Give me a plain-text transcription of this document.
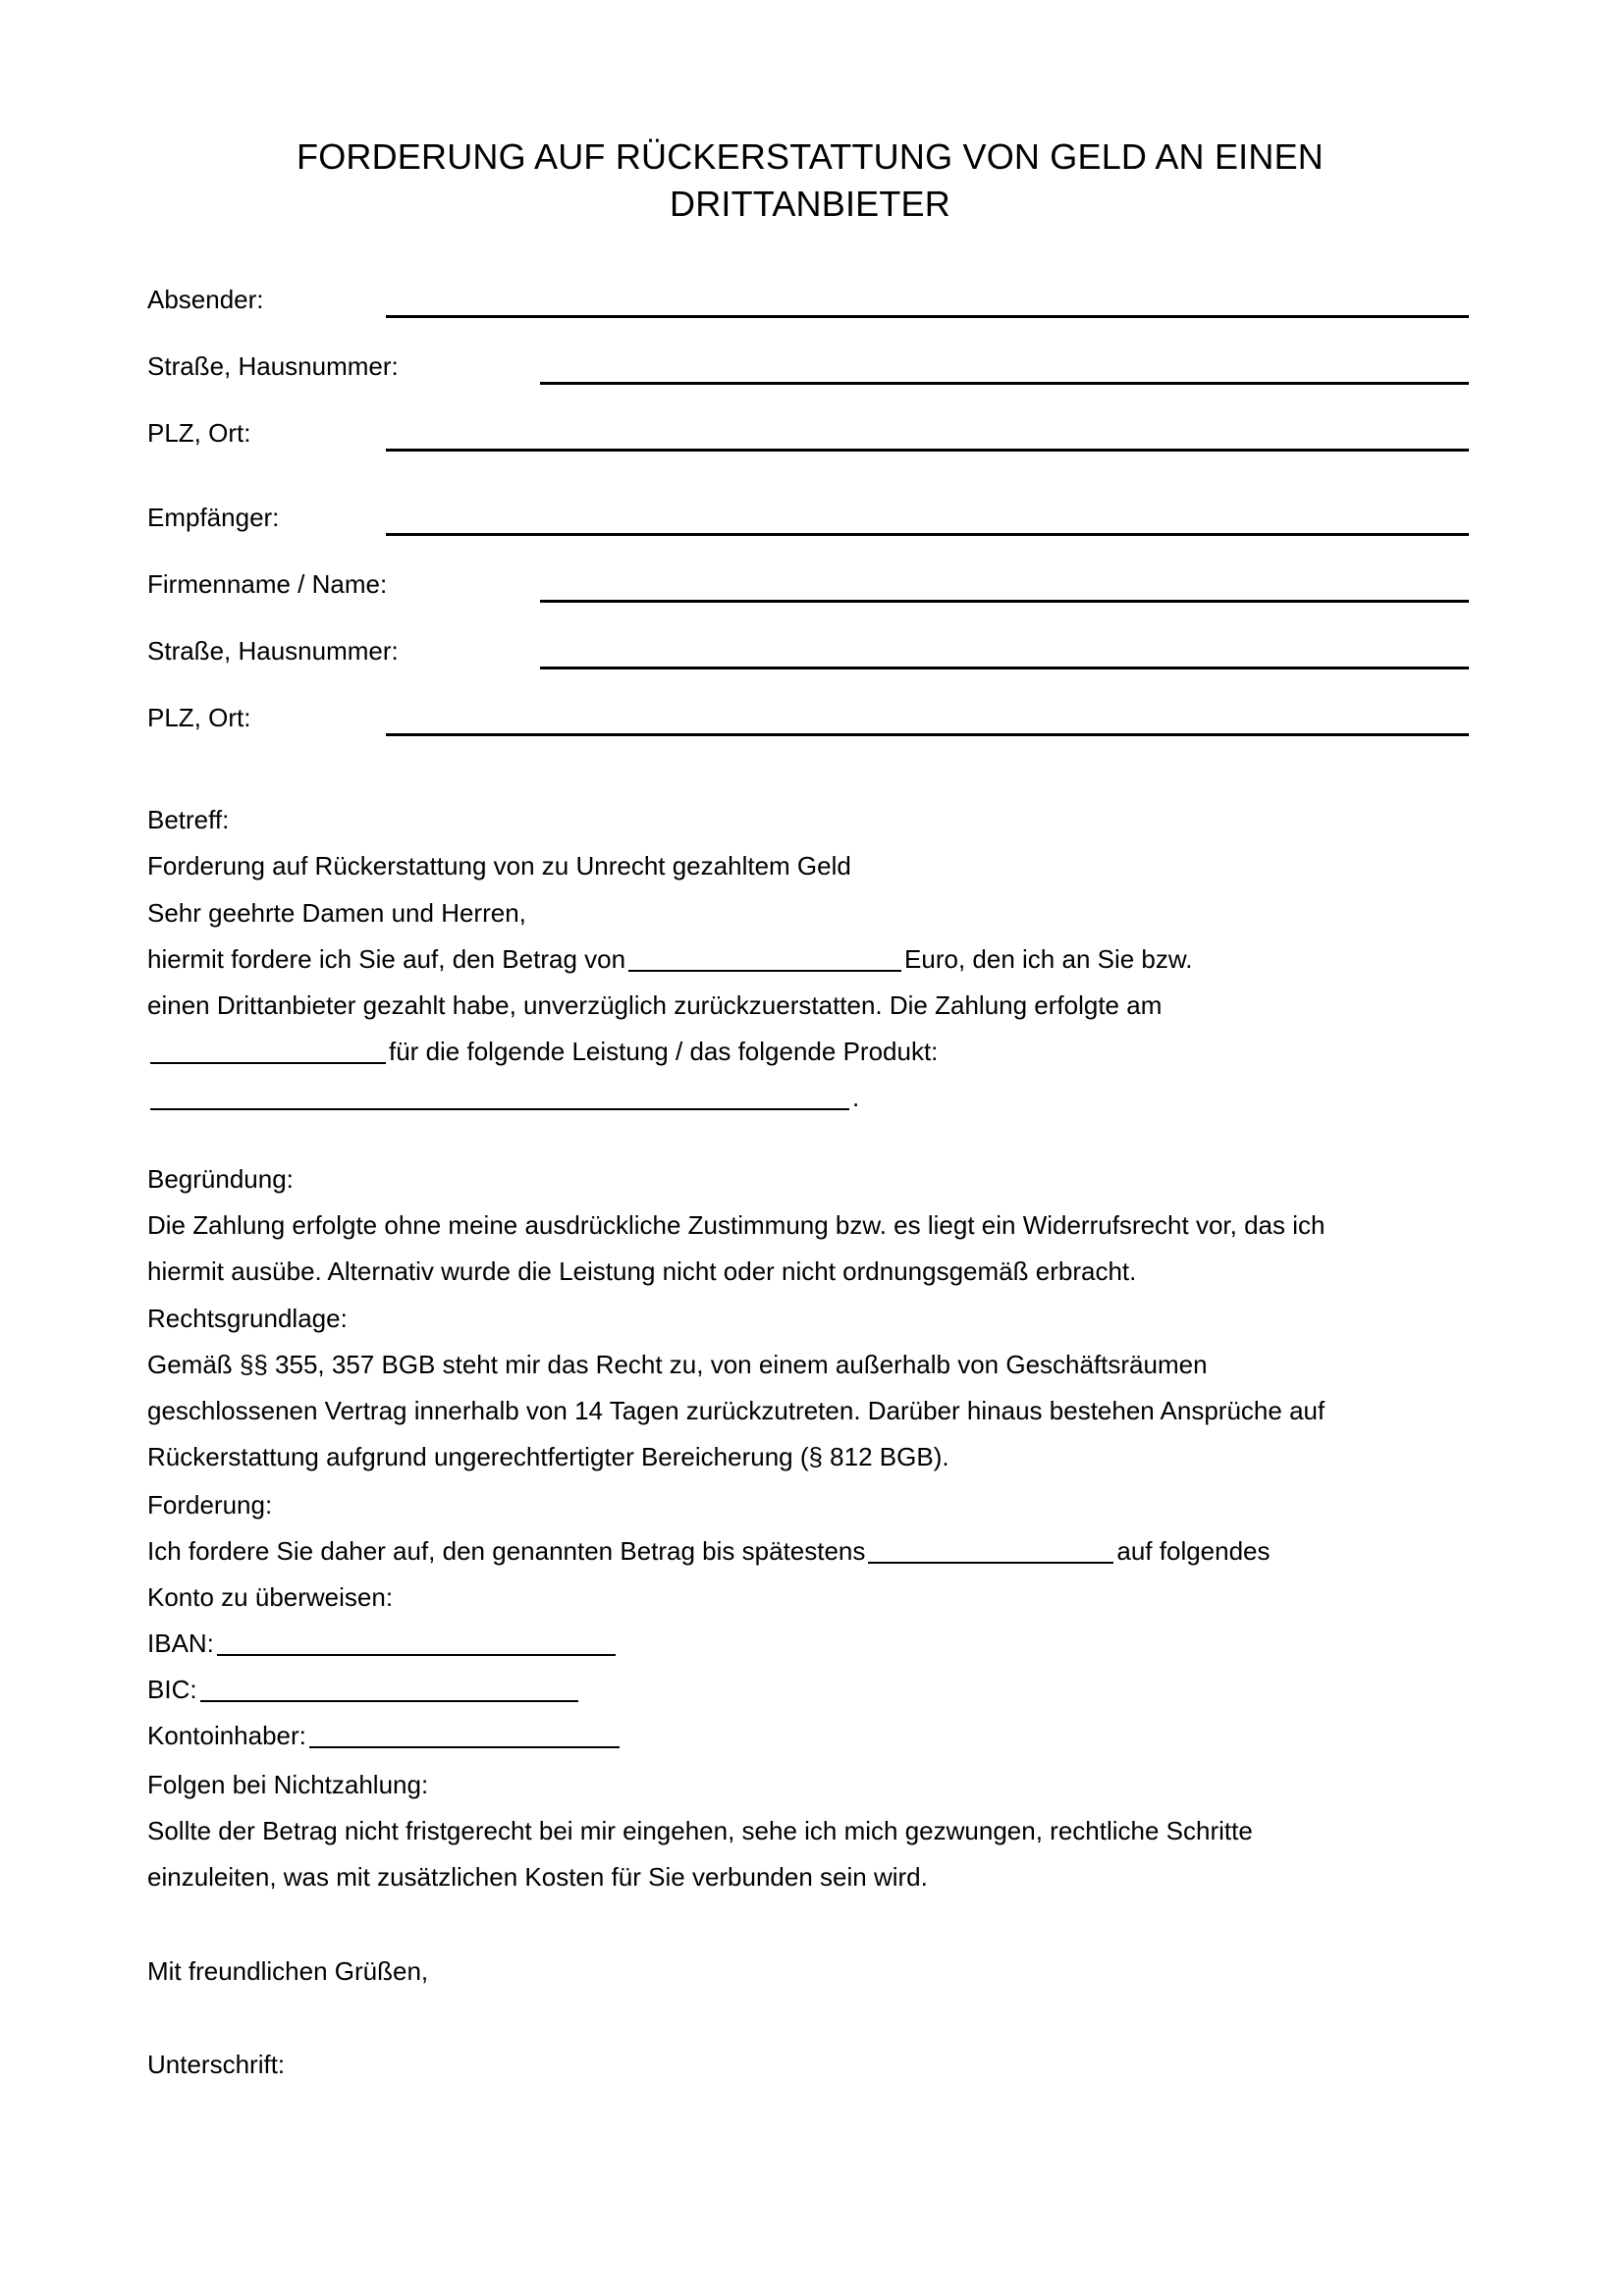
FORDERUNG AUF RÜCKERSTATTUNG VON GELD AN EINEN
DRITTANBIETER
Absender:
Straße, Hausnummer:
PLZ, Ort:
Empfänger:
Firmenname / Name:
Straße, Hausnummer:
PLZ, Ort:

Betreff:

Forderung auf Rückerstattung von zu Unrecht gezahltem Geld

Sehr geehrte Damen und Herren,

hiermit fordere ich Sie auf, den Betrag von	Euro, den ich an Sie bzw.

einen Drittanbieter gezahlt habe, unverzüglich zurückzuerstatten. Die Zahlung erfolgte am

für die folgende Leistung / das folgende Produkt:

.

Begründung:

Die Zahlung erfolgte ohne meine ausdrückliche Zustimmung bzw. es liegt ein Widerrufsrecht vor, das ich

hiermit ausübe. Alternativ wurde die Leistung nicht oder nicht ordnungsgemäß erbracht.

Rechtsgrundlage:

Gemäß §§ 355, 357 BGB steht mir das Recht zu, von einem außerhalb von Geschäftsräumen

geschlossenen Vertrag innerhalb von 14 Tagen zurückzutreten. Darüber hinaus bestehen Ansprüche auf

Rückerstattung aufgrund ungerechtfertigter Bereicherung (§ 812 BGB).

Forderung:

Ich fordere Sie daher auf, den genannten Betrag bis spätestens	auf folgendes

Konto zu überweisen:

IBAN:

BIC:

Kontoinhaber:

Folgen bei Nichtzahlung:

Sollte der Betrag nicht fristgerecht bei mir eingehen, sehe ich mich gezwungen, rechtliche Schritte

einzuleiten, was mit zusätzlichen Kosten für Sie verbunden sein wird.

Mit freundlichen Grüßen,

Unterschrift:
